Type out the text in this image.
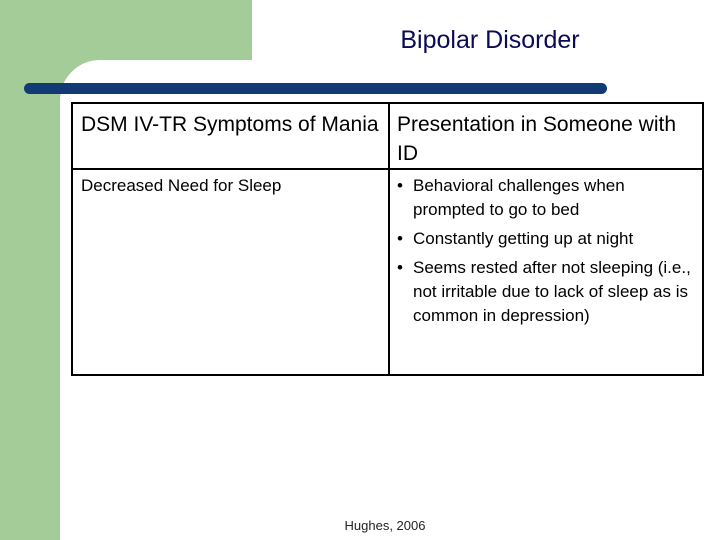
Bipolar Disorder
DSM IV-TR Symptoms of Mania Presentation in Someone with ID
Decreased Need for Sleep
•	Behavioral challenges when prompted to go to bed
• Constantly getting up at night
• Seems rested after not sleeping (i.e., not irritable due to lack of sleep as is common in depression)
Hughes, 2006
